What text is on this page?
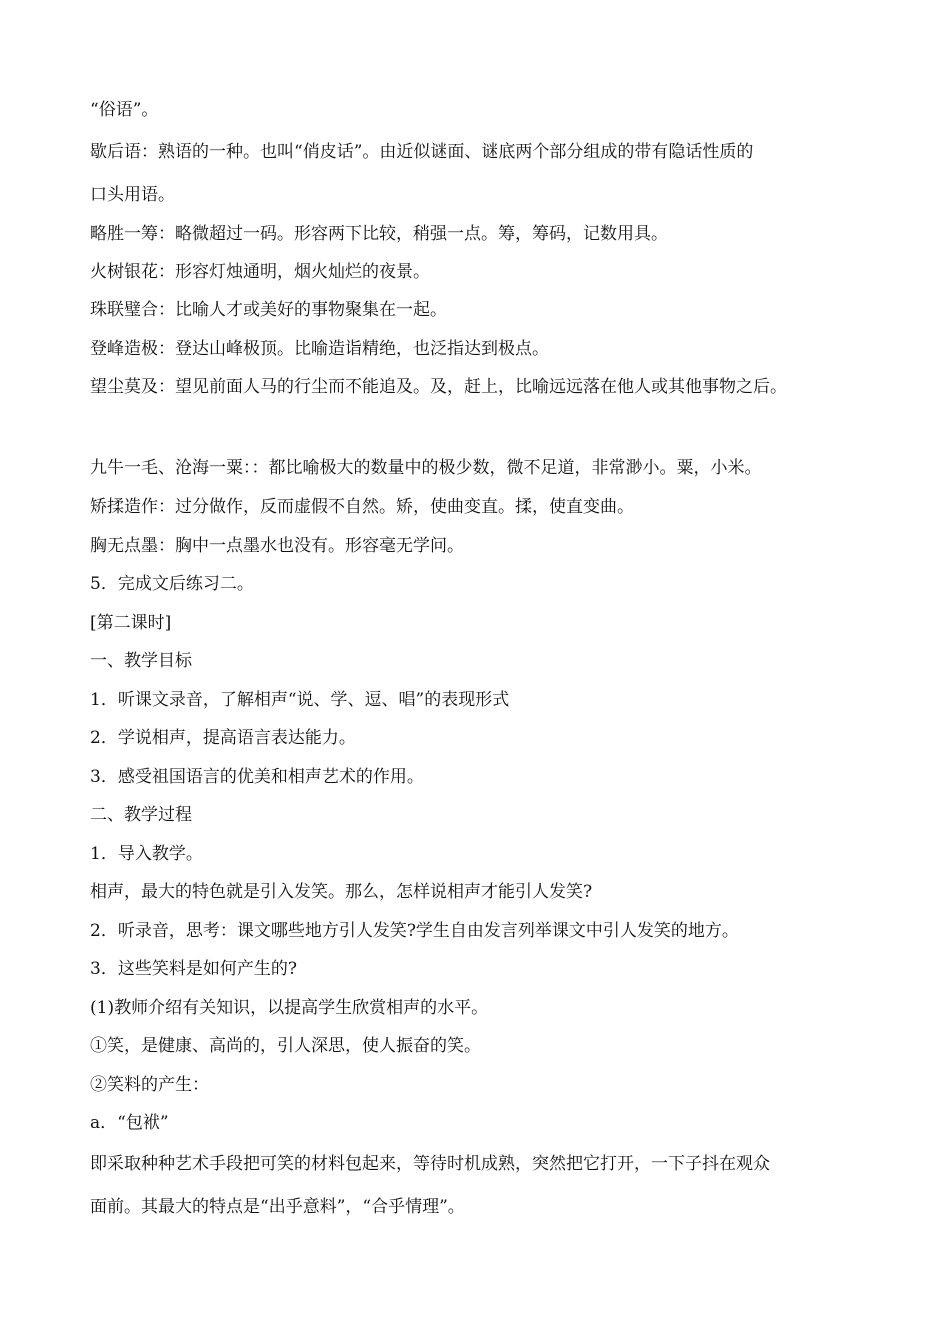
“俗语”。
歇后语：熟语的一种。也叫“俏皮话”。由近似谜面、谜底两个部分组成的带有隐话性质的
口头用语。
略胜一筹：略微超过一码。形容两下比较，稍强一点。筹，筹码，记数用具。
火树银花：形容灯烛通明，烟火灿烂的夜景。
珠联璧合：比喻人才或美好的事物聚集在一起。
登峰造极：登达山峰极顶。比喻造诣精绝，也泛指达到极点。
望尘莫及：望见前面人马的行尘而不能追及。及，赶上，比喻远远落在他人或其他事物之后。
九牛一毛、沧海一粟：：都比喻极大的数量中的极少数，微不足道，非常渺小。粟，小米。
矫揉造作：过分做作，反而虚假不自然。矫，使曲变直。揉，使直变曲。
胸无点墨：胸中一点墨水也没有。形容毫无学问。
5．完成文后练习二。
[第二课时]
一、教学目标
1．听课文录音，了解相声“说、学、逗、唱”的表现形式
2．学说相声，提高语言表达能力。
3．感受祖国语言的优美和相声艺术的作用。
二、教学过程
1．导入教学。
相声，最大的特色就是引入发笑。那么，怎样说相声才能引人发笑?
2．听录音，思考：课文哪些地方引人发笑?学生自由发言列举课文中引人发笑的地方。
3．这些笑料是如何产生的?
(1)教师介绍有关知识，以提高学生欣赏相声的水平。
①笑，是健康、高尚的，引人深思，使人振奋的笑。
②笑料的产生：
a．“包袱”
即采取种种艺术手段把可笑的材料包起来，等待时机成熟，突然把它打开，一下子抖在观众
面前。其最大的特点是“出乎意料”，“合乎情理”。
